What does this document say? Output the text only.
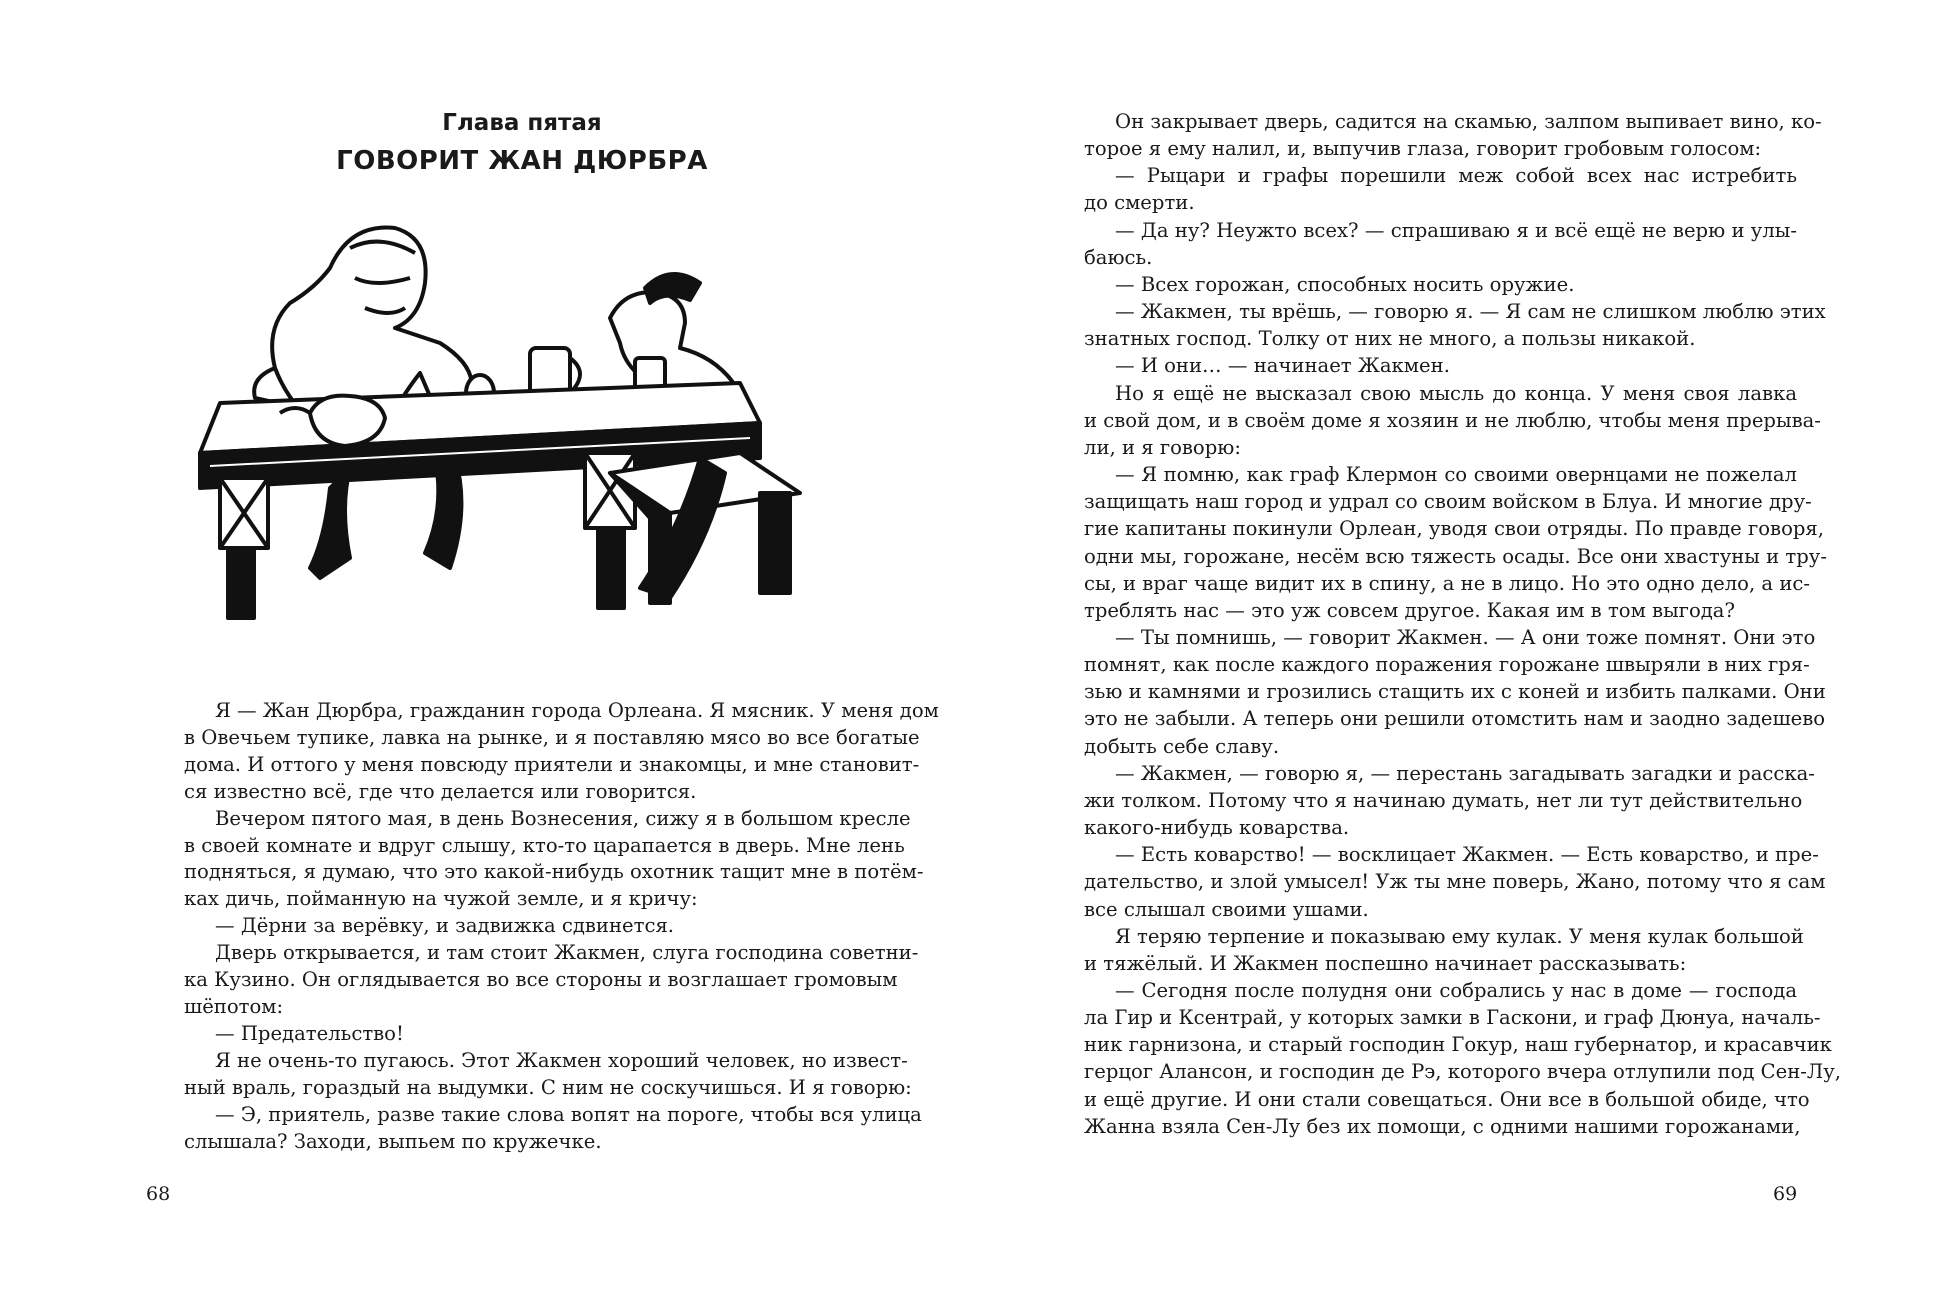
Глава пятая
ГОВОРИТ ЖАН ДЮРБРА
Я — Жан Дюрбра, гражданин города Орлеана. Я мясник. У меня дом
в Овечьем тупике, лавка на рынке, и я поставляю мясо во все богатые
дома. И оттого у меня повсюду приятели и знакомцы, и мне становит-
ся известно всё, где что делается или говорится.
Вечером пятого мая, в день Вознесения, сижу я в большом кресле
в своей комнате и вдруг слышу, кто-то царапается в дверь. Мне лень
подняться, я думаю, что это какой-нибудь охотник тащит мне в потём-
ках дичь, пойманную на чужой земле, и я кричу:
— Дёрни за верёвку, и задвижка сдвинется.
Дверь открывается, и там стоит Жакмен, слуга господина советни-
ка Кузино. Он оглядывается во все стороны и возглашает громовым
шёпотом:
— Предательство!
Я не очень-то пугаюсь. Этот Жакмен хороший человек, но извест-
ный враль, гораздый на выдумки. С ним не соскучишься. И я говорю:
— Э, приятель, разве такие слова вопят на пороге, чтобы вся улица
слышала? Заходи, выпьем по кружечке.
68
Он закрывает дверь, садится на скамью, залпом выпивает вино, ко-
торое я ему налил, и, выпучив глаза, говорит гробовым голосом:
— Рыцари и графы порешили меж собой всех нас истребить
до смерти.
— Да ну? Неужто всех? — спрашиваю я и всё ещё не верю и улы-
баюсь.
— Всех горожан, способных носить оружие.
— Жакмен, ты врёшь, — говорю я. — Я сам не слишком люблю этих
знатных господ. Толку от них не много, а пользы никакой.
— И они… — начинает Жакмен.
Но я ещё не высказал свою мысль до конца. У меня своя лавка
и свой дом, и в своём доме я хозяин и не люблю, чтобы меня прерыва-
ли, и я говорю:
— Я помню, как граф Клермон со своими овернцами не пожелал
защищать наш город и удрал со своим войском в Блуа. И многие дру-
гие капитаны покинули Орлеан, уводя свои отряды. По правде говоря,
одни мы, горожане, несём всю тяжесть осады. Все они хвастуны и тру-
сы, и враг чаще видит их в спину, а не в лицо. Но это одно дело, а ис-
треблять нас — это уж совсем другое. Какая им в том выгода?
— Ты помнишь, — говорит Жакмен. — А они тоже помнят. Они это
помнят, как после каждого поражения горожане швыряли в них гря-
зью и камнями и грозились стащить их с коней и избить палками. Они
это не забыли. А теперь они решили отомстить нам и заодно задешево
добыть себе славу.
— Жакмен, — говорю я, — перестань загадывать загадки и расска-
жи толком. Потому что я начинаю думать, нет ли тут действительно
какого-нибудь коварства.
— Есть коварство! — восклицает Жакмен. — Есть коварство, и пре-
дательство, и злой умысел! Уж ты мне поверь, Жано, потому что я сам
все слышал своими ушами.
Я теряю терпение и показываю ему кулак. У меня кулак большой
и тяжёлый. И Жакмен поспешно начинает рассказывать:
— Сегодня после полудня они собрались у нас в доме — господа
ла Гир и Ксентрай, у которых замки в Гаскони, и граф Дюнуа, началь-
ник гарнизона, и старый господин Гокур, наш губернатор, и красавчик
герцог Алансон, и господин де Рэ, которого вчера отлупили под Сен-Лу,
и ещё другие. И они стали совещаться. Они все в большой обиде, что
Жанна взяла Сен-Лу без их помощи, с одними нашими горожанами,
69
